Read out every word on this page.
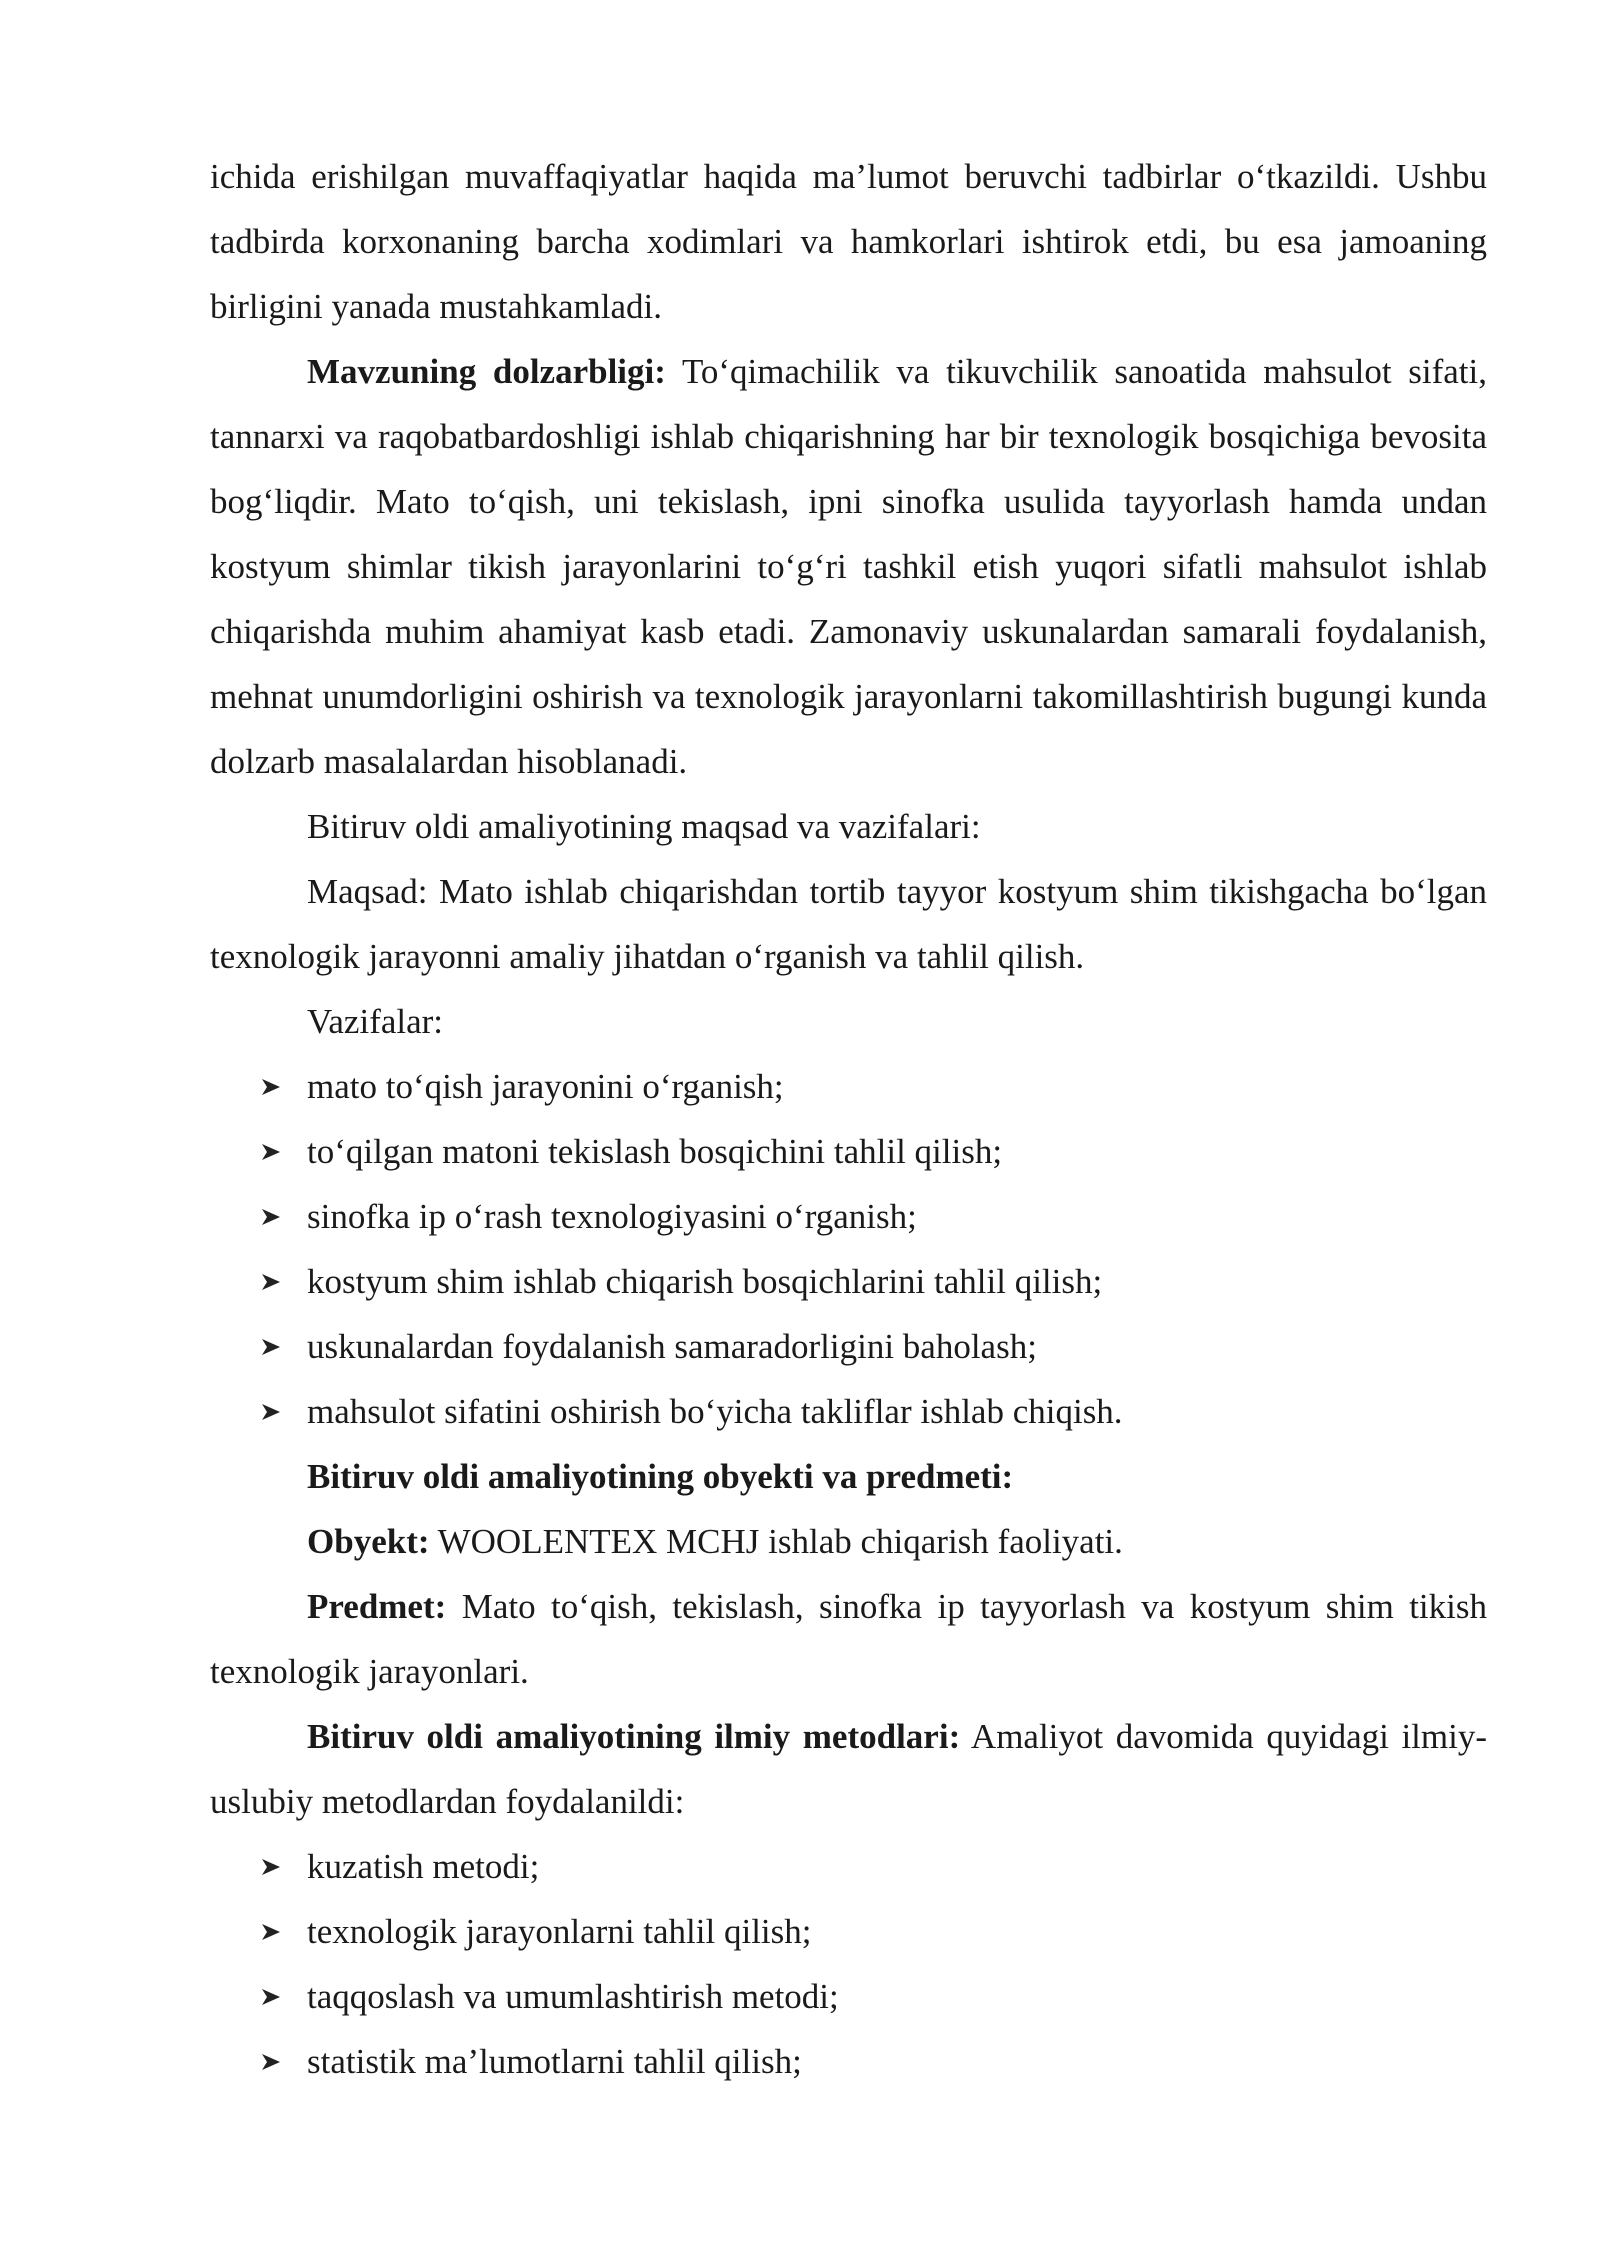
ichida erishilgan muvaffaqiyatlar haqida ma’lumot beruvchi tadbirlar o‘tkazildi. Ushbu tadbirda korxonaning barcha xodimlari va hamkorlari ishtirok etdi, bu esa jamoaning birligini yanada mustahkamladi.

Mavzuning dolzarbligi: To‘qimachilik va tikuvchilik sanoatida mahsulot sifati, tannarxi va raqobatbardoshligi ishlab chiqarishning har bir texnologik bosqichiga bevosita bog‘liqdir. Mato to‘qish, uni tekislash, ipni sinofka usulida tayyorlash hamda undan kostyum shimlar tikish jarayonlarini to‘g‘ri tashkil etish yuqori sifatli mahsulot ishlab chiqarishda muhim ahamiyat kasb etadi. Zamonaviy uskunalardan samarali foydalanish, mehnat unumdorligini oshirish va texnologik jarayonlarni takomillashtirish bugungi kunda dolzarb masalalardan hisoblanadi.

Bitiruv oldi amaliyotining maqsad va vazifalari:

Maqsad: Mato ishlab chiqarishdan tortib tayyor kostyum shim tikishgacha bo‘lgan texnologik jarayonni amaliy jihatdan o‘rganish va tahlil qilish.

Vazifalar:

mato to‘qish jarayonini o‘rganish;
to‘qilgan matoni tekislash bosqichini tahlil qilish;
sinofka ip o‘rash texnologiyasini o‘rganish;
kostyum shim ishlab chiqarish bosqichlarini tahlil qilish;
uskunalardan foydalanish samaradorligini baholash;
mahsulot sifatini oshirish bo‘yicha takliflar ishlab chiqish.

Bitiruv oldi amaliyotining obyekti va predmeti:

Obyekt: WOOLENTEX MCHJ ishlab chiqarish faoliyati.

Predmet: Mato to‘qish, tekislash, sinofka ip tayyorlash va kostyum shim tikish texnologik jarayonlari.

Bitiruv oldi amaliyotining ilmiy metodlari: Amaliyot davomida quyidagi ilmiy-uslubiy metodlardan foydalanildi:

kuzatish metodi;
texnologik jarayonlarni tahlil qilish;
taqqoslash va umumlashtirish metodi;
statistik ma’lumotlarni tahlil qilish;
